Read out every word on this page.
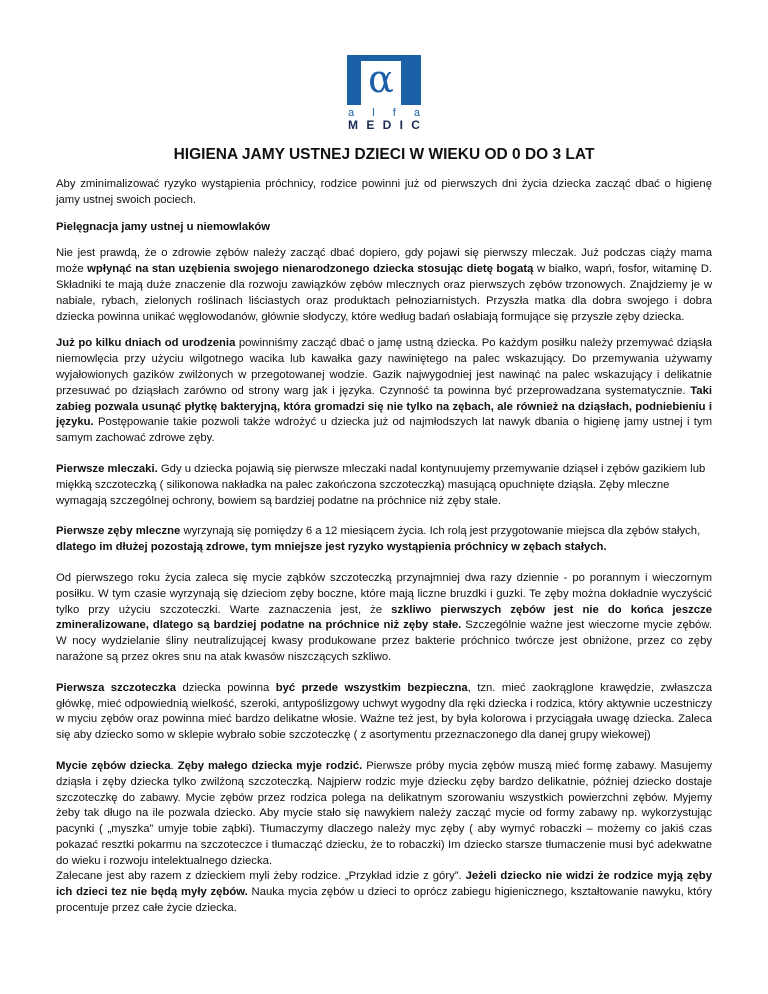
α
a l f a
M E D I C
HIGIENA JAMY USTNEJ DZIECI W WIEKU OD 0 DO 3 LAT

Aby zminimalizować ryzyko wystąpienia próchnicy, rodzice powinni już od pierwszych dni życia dziecka zacząć dbać o higienę jamy ustnej swoich pociech.

Pielęgnacja jamy ustnej u niemowlaków

Nie jest prawdą, że o zdrowie zębów należy zacząć dbać dopiero, gdy pojawi się pierwszy mleczak. Już podczas ciąży mama może wpłynąć na stan uzębienia swojego nienarodzonego dziecka stosując dietę bogatą w białko, wapń, fosfor, witaminę D. Składniki te mają duże znaczenie dla rozwoju zawiązków zębów mlecznych oraz pierwszych zębów trzonowych. Znajdziemy je w nabiale, rybach, zielonych roślinach liściastych oraz produktach pełnoziarnistych. Przyszła matka dla dobra swojego i dobra dziecka powinna unikać węglowodanów, głównie słodyczy, które według badań osłabiają formujące się przyszłe zęby dziecka.

Już po kilku dniach od urodzenia powinniśmy zacząć dbać o jamę ustną dziecka. Po każdym posiłku należy przemywać dziąsła niemowlęcia przy użyciu wilgotnego wacika lub kawałka gazy nawiniętego na palec wskazujący. Do przemywania używamy wyjałowionych gazików zwilżonych w przegotowanej wodzie. Gazik najwygodniej jest nawinąć na palec wskazujący i delikatnie przesuwać po dziąsłach zarówno od strony warg jak i języka. Czynność ta powinna być przeprowadzana systematycznie. Taki zabieg pozwala usunąć płytkę bakteryjną, która gromadzi się nie tylko na zębach, ale również na dziąsłach, podniebieniu i języku. Postępowanie takie pozwoli także wdrożyć u dziecka już od najmłodszych lat nawyk dbania o higienę jamy ustnej i tym samym zachować zdrowe zęby.

Pierwsze mleczaki. Gdy u dziecka pojawią się pierwsze mleczaki nadal kontynuujemy przemywanie dziąseł i zębów gazikiem lub miękką szczoteczką ( silikonowa nakładka na palec zakończona szczoteczką) masującą opuchnięte dziąsła. Zęby mleczne wymagają szczególnej ochrony, bowiem są bardziej podatne na próchnice niż zęby stałe.

Pierwsze zęby mleczne wyrzynają się pomiędzy 6 a 12 miesiącem życia. Ich rolą jest przygotowanie miejsca dla zębów stałych, dlatego im dłużej pozostają zdrowe, tym mniejsze jest ryzyko wystąpienia próchnicy w zębach stałych.

Od pierwszego roku życia zaleca się mycie ząbków szczoteczką przynajmniej dwa razy dziennie - po porannym i wieczornym posiłku. W tym czasie wyrzynają się dzieciom zęby boczne, które mają liczne bruzdki i guzki. Te zęby można dokładnie wyczyścić tylko przy użyciu szczoteczki. Warte zaznaczenia jest, że szkliwo pierwszych zębów jest nie do końca jeszcze zmineralizowane, dlatego są bardziej podatne na próchnice niż zęby stałe. Szczególnie ważne jest wieczorne mycie zębów. W nocy wydzielanie śliny neutralizującej kwasy produkowane przez bakterie próchnico twórcze jest obniżone, przez co zęby narażone są przez okres snu na atak kwasów niszczących szkliwo.

Pierwsza szczoteczka dziecka powinna być przede wszystkim bezpieczna, tzn. mieć zaokrąglone krawędzie, zwłaszcza główkę, mieć odpowiednią wielkość, szeroki, antypoślizgowy uchwyt wygodny dla ręki dziecka i rodzica, który aktywnie uczestniczy w myciu zębów oraz powinna mieć bardzo delikatne włosie. Ważne też jest, by była kolorowa i przyciągała uwagę dziecka. Zaleca się aby dziecko somo w sklepie wybrało sobie szczoteczkę ( z asortymentu przeznaczonego dla danej grupy wiekowej)

Mycie zębów dziecka. Zęby małego dziecka myje rodzić. Pierwsze próby mycia zębów muszą mieć formę zabawy. Masujemy dziąsła i zęby dziecka tylko zwilżoną szczoteczką. Najpierw rodzic myje dziecku zęby bardzo delikatnie, później dziecko dostaje szczoteczkę do zabawy. Mycie zębów przez rodzica polega na delikatnym szorowaniu wszystkich powierzchni zębów. Myjemy żeby tak długo na ile pozwala dziecko. Aby mycie stało się nawykiem należy zacząć mycie od formy zabawy np. wykorzystując pacynki ( „myszka” umyje tobie ząbki). Tłumaczymy dlaczego należy myc zęby ( aby wymyć robaczki – możemy co jakiś czas pokazać resztki pokarmu na szczoteczce i tłumacząć dziecku, że to robaczki) Im dziecko starsze tłumaczenie musi być adekwatne do wieku i rozwoju intelektualnego dziecka.
Zalecane jest aby razem z dzieckiem myli żeby rodzice. „Przykład idzie z góry”. Jeżeli dziecko nie widzi że rodzice myją zęby ich dzieci tez nie będą myły zębów. Nauka mycia zębów u dzieci to oprócz zabiegu higienicznego, kształtowanie nawyku, który procentuje przez całe życie dziecka.
